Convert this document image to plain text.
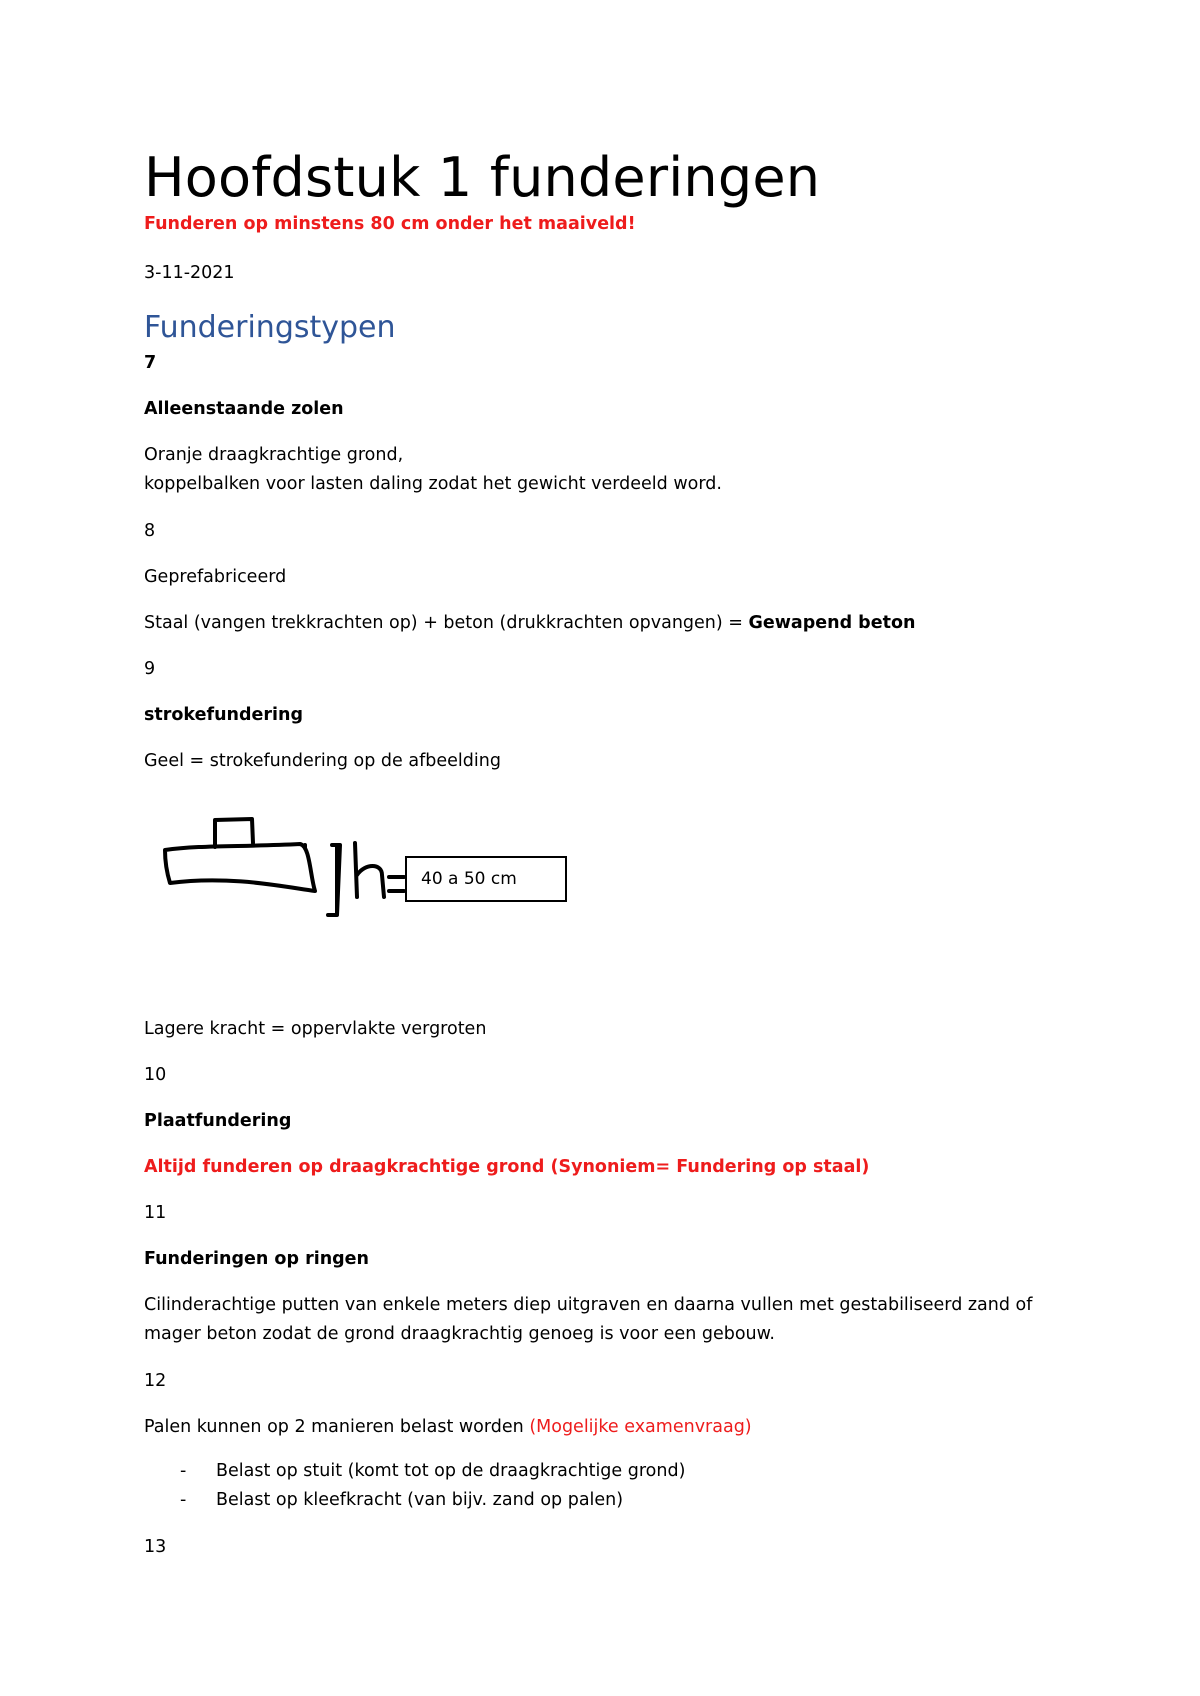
Hoofdstuk 1 funderingen
Funderen op minstens 80 cm onder het maaiveld!
3-11-2021
Funderingstypen
7
Alleenstaande zolen
Oranje draagkrachtige grond,
koppelbalken voor lasten daling zodat het gewicht verdeeld word.
8
Geprefabriceerd
Staal (vangen trekkrachten op) + beton (drukkrachten opvangen) = Gewapend beton
9
strokefundering
Geel = strokefundering op de afbeelding
40 a 50 cm
Lagere kracht = oppervlakte vergroten
10
Plaatfundering
Altijd funderen op draagkrachtige grond (Synoniem= Fundering op staal)
11
Funderingen op ringen
Cilinderachtige putten van enkele meters diep uitgraven en daarna vullen met gestabiliseerd zand of
mager beton zodat de grond draagkrachtig genoeg is voor een gebouw.
12
Palen kunnen op 2 manieren belast worden (Mogelijke examenvraag)
- Belast op stuit (komt tot op de draagkrachtige grond)
- Belast op kleefkracht (van bijv. zand op palen)
13
